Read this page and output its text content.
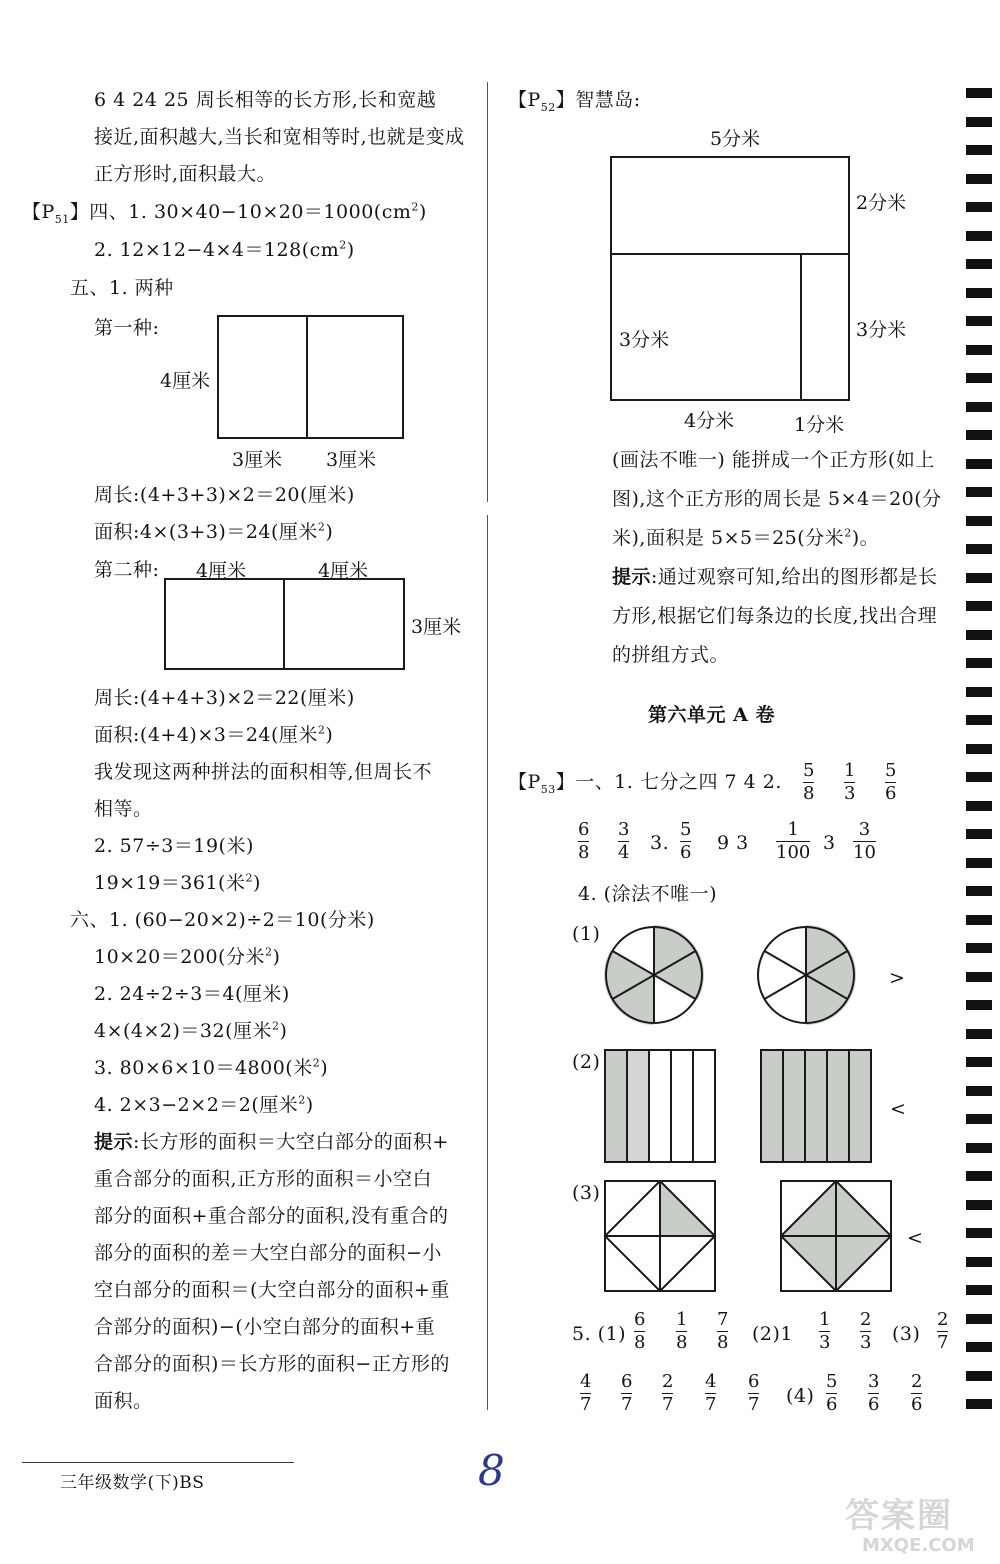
6 4 24 25 周长相等的长方形,长和宽越
接近,面积越大,当长和宽相等时,也就是变成
正方形时,面积最大。
【$P_{51}$】四、1. $30\times 40-10\times 20=1000(cm^2)$
2. $12\times 12-4\times 4=128(cm^2)$
五、1. 两种
第一种:
4厘米
3厘米 3厘米
周长:(4+3+3)×2＝20(厘米)
面积:4×(3+3)＝24(厘米$^2$)
第二种: 4厘米	4厘米
3厘米
周长:(4+4+3)×2＝22(厘米)
面积:(4+4)×3＝24(厘米$^2$)
我发现这两种拼法的面积相等,但周长不
相等。
2. 57÷3＝19(米)
19×19＝361(米$^2$)
六、1. (60−20×2)÷2＝10(分米)
10×20＝200(分米$^2$)
2. 24÷2÷3＝4(厘米)
4×(4×2)＝32(厘米$^2$)
3. 80×6×10＝4800(米$^2$)
4. 2×3−2×2＝2(厘米$^2$)
提示:长方形的面积＝大空白部分的面积+
重合部分的面积,正方形的面积＝小空白
部分的面积+重合部分的面积,没有重合的
部分的面积的差＝大空白部分的面积−小
空白部分的面积＝(大空白部分的面积+重
合部分的面积)−(小空白部分的面积+重
合部分的面积)＝长方形的面积−正方形的
面积。
【$P_{52}$】智慧岛:
5分米
2分米
3分米
3分米
4分米	1分米
(画法不唯一) 能拼成一个正方形(如上
图),这个正方形的周长是 5×4＝20(分
米),面积是 5×5＝25(分米$^2$)。
提示:通过观察可知,给出的图形都是长
方形,根据它们每条边的长度,找出合理
的拼组方式。
第六单元 A 卷
【$P_{53}$】一、1. 七分之四 7 4 2.
5
8
1
3
5
6
6
8
3
4 3.
5
6 9 3
1
100 3
3
10
4. (涂法不唯一)
(1)
>
(2)
<
(3)
<
5. (1)
6
8
1
8
7
8 (2)1
1
3
2
3 (3)
2
7
4
7
6
7
2
7
4
7
6
7 (4)
5
6
3
6
2
6
三年级数学(下)BS	8
答案圈
MXQE.COM
